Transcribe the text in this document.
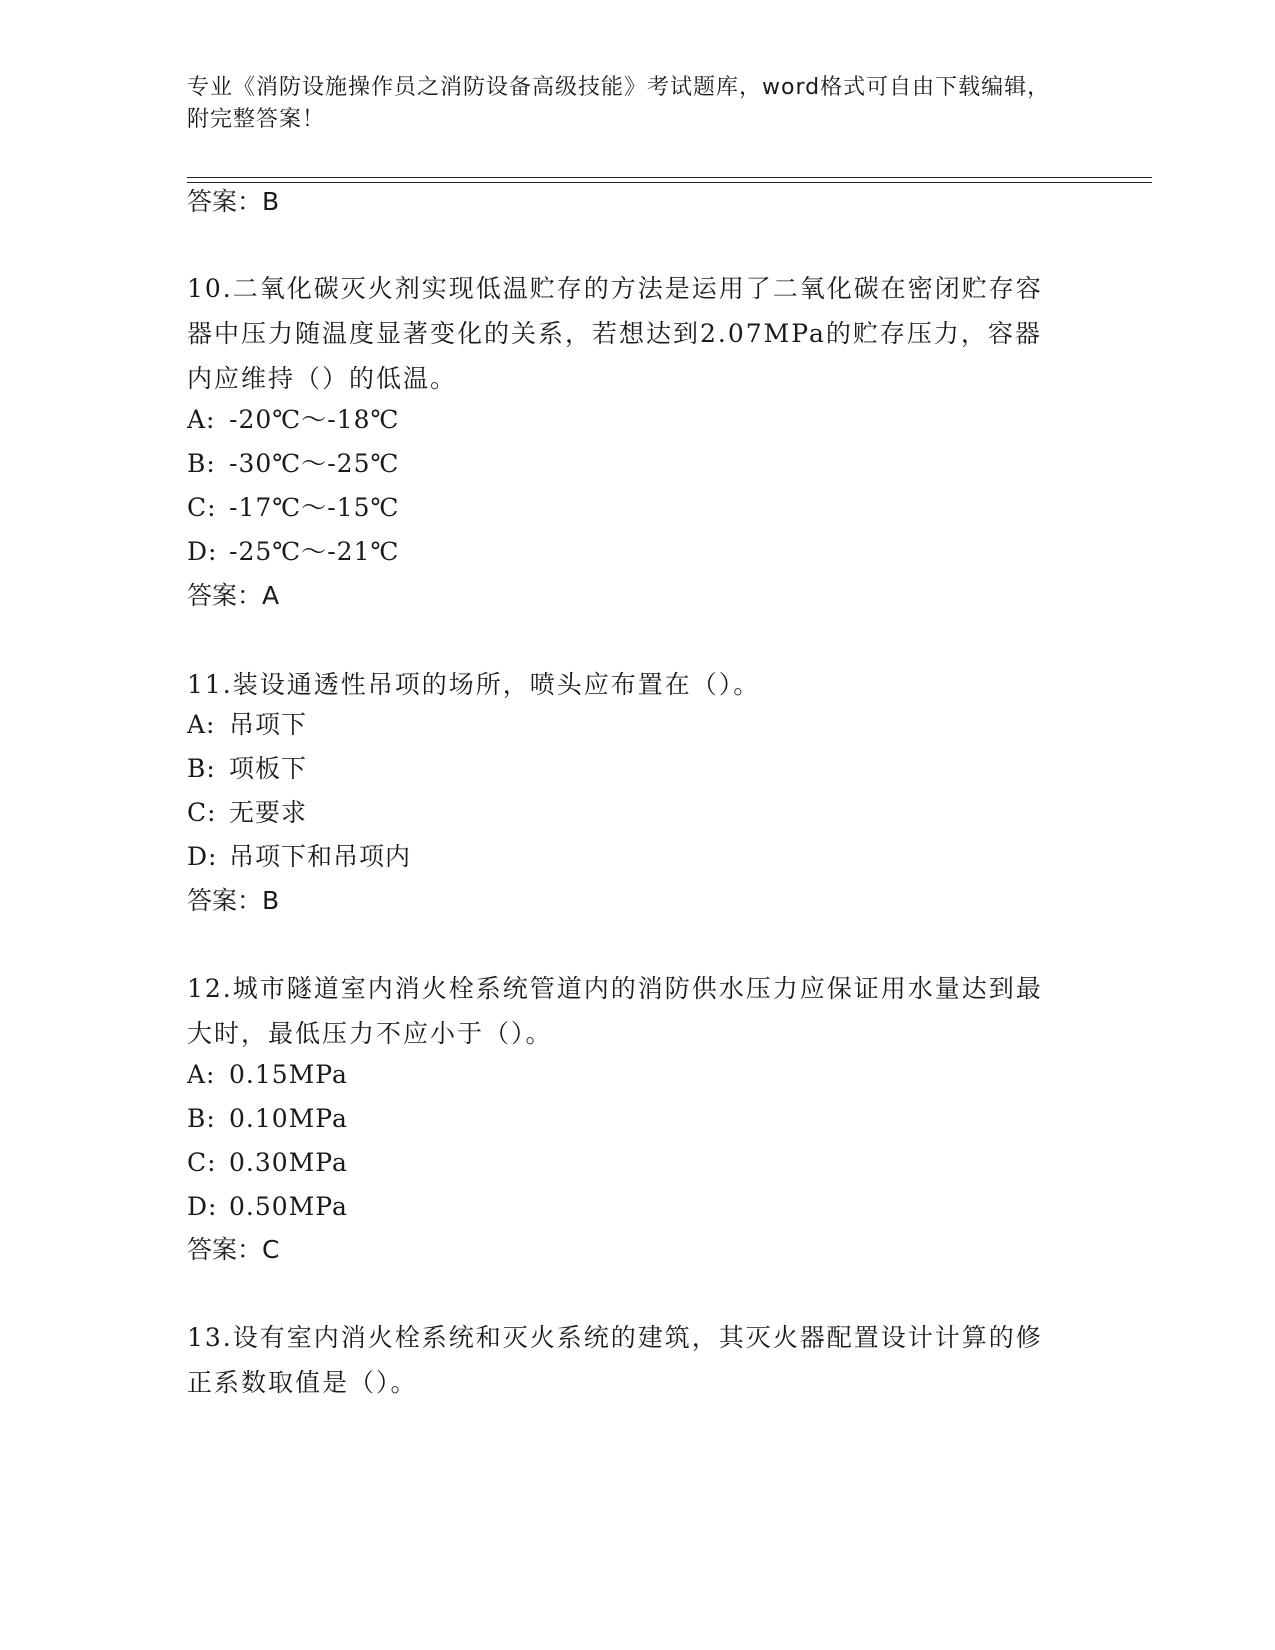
专业《消防设施操作员之消防设备高级技能》考试题库，word格式可自由下载编辑，附完整答案！
答案：B
10.二氧化碳灭火剂实现低温贮存的方法是运用了二氧化碳在密闭贮存容器中压力随温度显著变化的关系，若想达到2.07MPa的贮存压力，容器内应维持（）的低温。
A: -20℃～-18℃
B: -30℃～-25℃
C: -17℃～-15℃
D: -25℃～-21℃
答案：A
11.装设通透性吊项的场所，喷头应布置在（）。
A: 吊项下
B: 项板下
C: 无要求
D: 吊项下和吊项内
答案：B
12.城市隧道室内消火栓系统管道内的消防供水压力应保证用水量达到最大时，最低压力不应小于（）。
A: 0.15MPa
B: 0.10MPa
C: 0.30MPa
D: 0.50MPa
答案：C
13.设有室内消火栓系统和灭火系统的建筑，其灭火器配置设计计算的修正系数取值是（）。
